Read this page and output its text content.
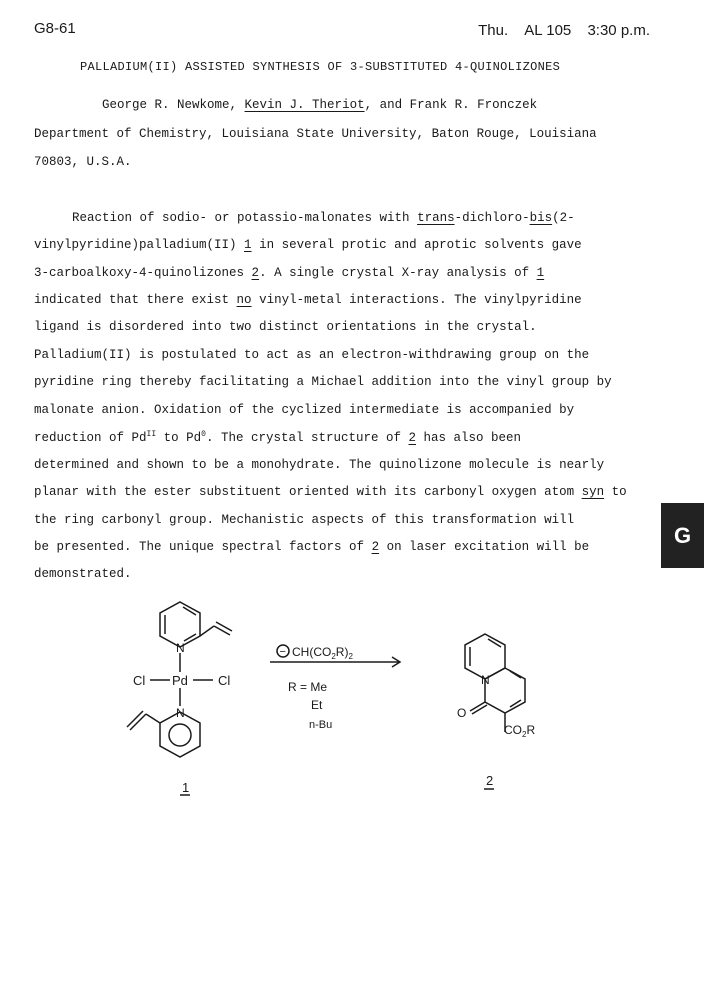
G8-61	Thu. AL 105 3:30 p.m.
PALLADIUM(II) ASSISTED SYNTHESIS OF 3-SUBSTITUTED 4-QUINOLIZONES
George R. Newkome, Kevin J. Theriot, and Frank R. Fronczek
Department of Chemistry, Louisiana State University, Baton Rouge, Louisiana
70803, U.S.A.
Reaction of sodio- or potassio-malonates with trans-dichloro-bis(2-
vinylpyridine)palladium(II) 1 in several protic and aprotic solvents gave
3-carboalkoxy-4-quinolizones 2. A single crystal X-ray analysis of 1
indicated that there exist no vinyl-metal interactions. The vinylpyridine
ligand is disordered into two distinct orientations in the crystal.
Palladium(II) is postulated to act as an electron-withdrawing group on the
pyridine ring thereby facilitating a Michael addition into the vinyl group by
malonate anion. Oxidation of the cyclized intermediate is accompanied by
reduction of $Pd^{II}$ to Pd$^0$. The crystal structure of 2 has also been
determined and shown to be a monohydrate. The quinolizone molecule is nearly
planar with the ester substituent oriented with its carbonyl oxygen atom syn to
the ring carbonyl group. Mechanistic aspects of this transformation will
be presented. The unique spectral factors of 2 on laser excitation will be
demonstrated.
G
N
Cl Pd Cl
N
− $CH(CO_2R)_2$
R = Me
Et
n-Bu
N
O
$CO_2R$
1	2
